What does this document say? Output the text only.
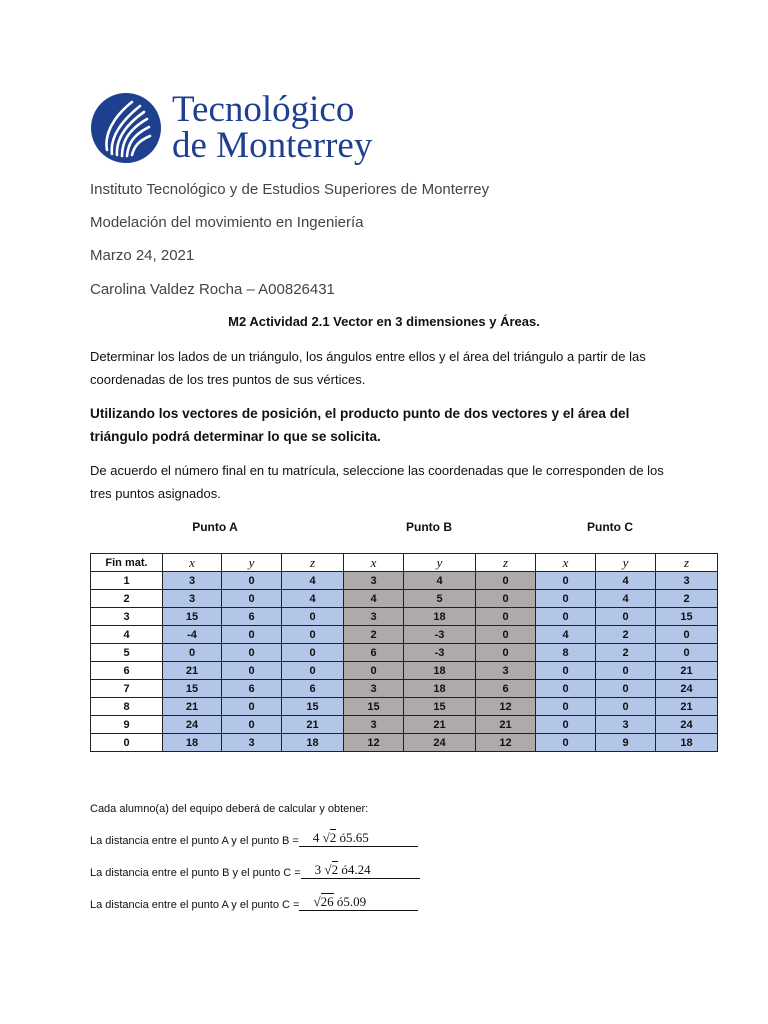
Tecnológico
de Monterrey
Instituto Tecnológico y de Estudios Superiores de Monterrey
Modelación del movimiento en Ingeniería
Marzo 24, 2021
Carolina Valdez Rocha – A00826431
M2 Actividad 2.1 Vector en 3 dimensiones y Áreas.
Determinar los lados de un triángulo, los ángulos entre ellos y el área del triángulo a partir de las coordenadas de los tres puntos de sus vértices.
Utilizando los vectores de posición, el producto punto de dos vectores y el área del triángulo podrá determinar lo que se solicita.
De acuerdo el número final en tu matrícula, seleccione las coordenadas que le corresponden de los tres puntos asignados.
Punto A	Punto B	Punto C
Fin mat.	x	y	z	x	y	z	x	y	z
1	3	0	4	3	4	0	0	4	3
2	3	0	4	4	5	0	0	4	2
3	15	6	0	3	18	0	0	0	15
4	-4	0	0	2	-3	0	4	2	0
5	0	0	0	6	-3	0	8	2	0
6	21	0	0	0	18	3	0	0	21
7	15	6	6	3	18	6	0	0	24
8	21	0	15	15	15	12	0	0	21
9	24	0	21	3	21	21	0	3	24
0	18	3	18	12	24	12	0	9	18
Cada alumno(a) del equipo deberá de calcular y obtener:
La distancia entre el punto A y el punto B =	4 √2 ó5.65
La distancia entre el punto B y el punto C =	3 √2 ó4.24
La distancia entre el punto A y el punto C =	√26 ó5.09
